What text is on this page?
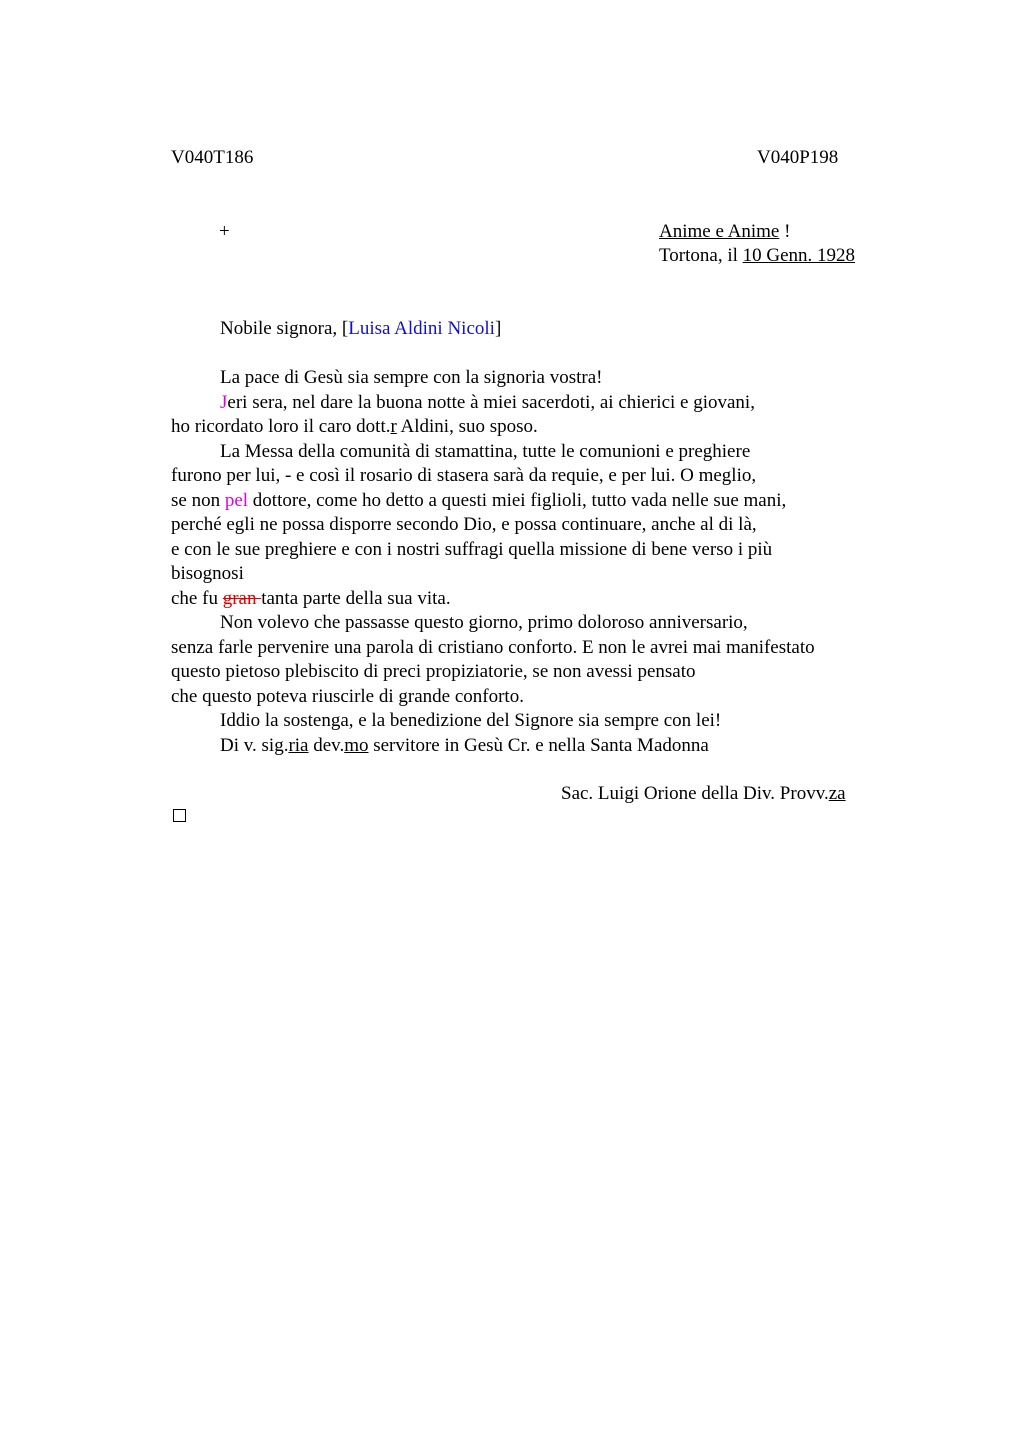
V040T186	V040P198
+	Anime e Anime !
Tortona, il 10 Genn. 1928
Nobile signora, [Luisa Aldini Nicoli]
La pace di Gesù sia sempre con la signoria vostra!
Jeri sera, nel dare la buona notte à miei sacerdoti, ai chierici e giovani,
ho ricordato loro il caro dott.r Aldini, suo sposo.
La Messa della comunità di stamattina, tutte le comunioni e preghiere
furono per lui, - e così il rosario di stasera sarà da requie, e per lui. O meglio,
se non pel dottore, come ho detto a questi miei figlioli, tutto vada nelle sue mani,
perché egli ne possa disporre secondo Dio, e possa continuare, anche al di là,
e con le sue preghiere e con i nostri suffragi quella missione di bene verso i più
bisognosi
che fu gran tanta parte della sua vita.
Non volevo che passasse questo giorno, primo doloroso anniversario,
senza farle pervenire una parola di cristiano conforto. E non le avrei mai manifestato
questo pietoso plebiscito di preci propiziatorie, se non avessi pensato
che questo poteva riuscirle di grande conforto.
Iddio la sostenga, e la benedizione del Signore sia sempre con lei!
Di v. sig.ria dev.mo servitore in Gesù Cr. e nella Santa Madonna
Sac. Luigi Orione della Div. Provv.za
